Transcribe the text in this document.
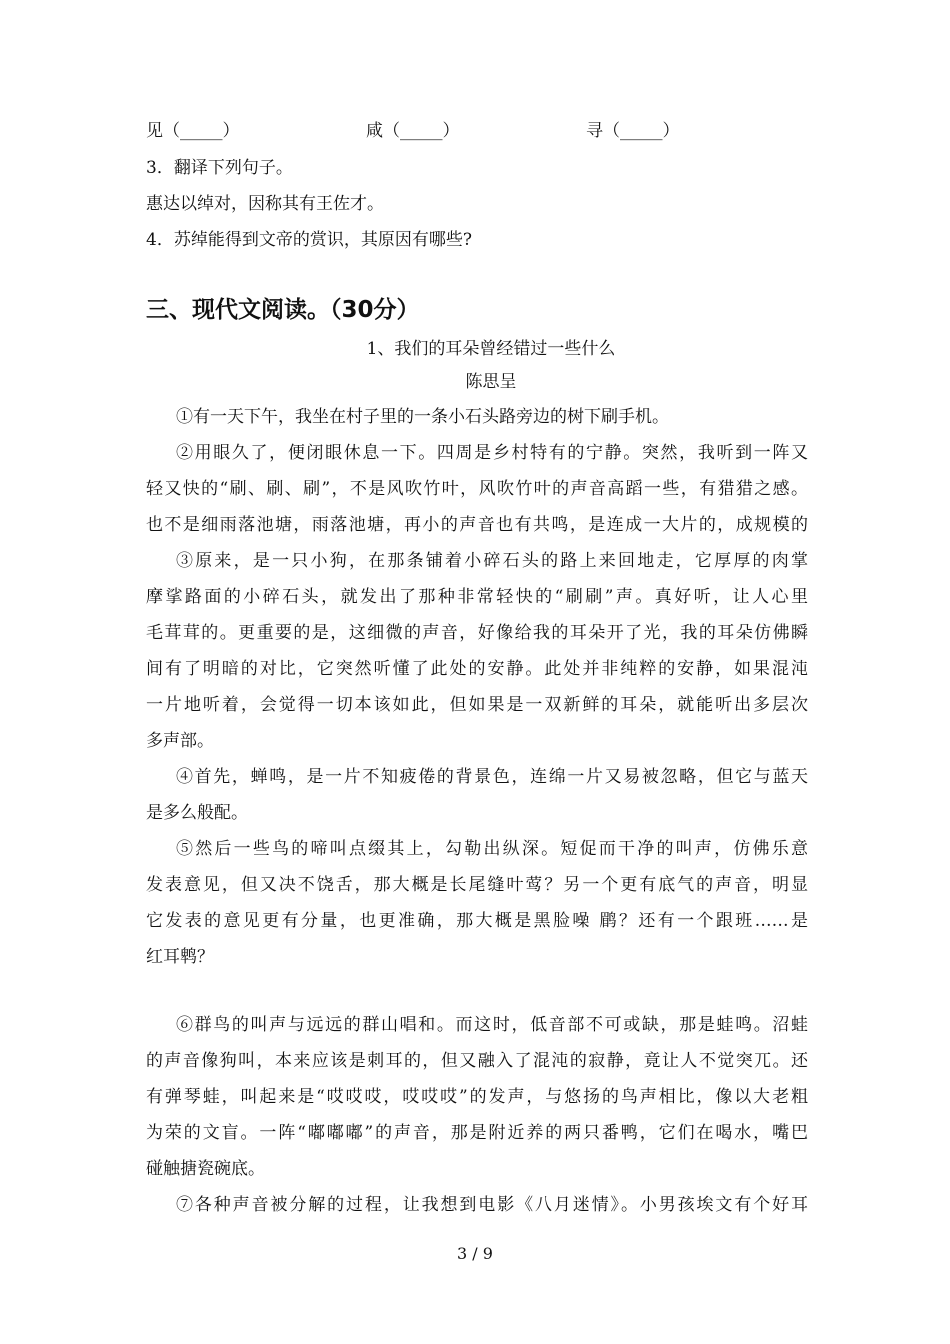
见（_____）	咸（_____）	寻（_____）
3．翻译下列句子。
惠达以绰对，因称其有王佐才。
4．苏绰能得到文帝的赏识，其原因有哪些?
三、现代文阅读。（30分）
1、我们的耳朵曾经错过一些什么
陈思呈
①有一天下午，我坐在村子里的一条小石头路旁边的树下刷手机。
②用眼久了，便闭眼休息一下。四周是乡村特有的宁静。突然，我听到一阵又
轻又快的“刷、刷、刷”，不是风吹竹叶，风吹竹叶的声音高蹈一些，有猎猎之感。
也不是细雨落池塘，雨落池塘，再小的声音也有共鸣，是连成一大片的，成规模的
③原来，是一只小狗，在那条铺着小碎石头的路上来回地走，它厚厚的肉掌
摩挲路面的小碎石头，就发出了那种非常轻快的“刷刷”声。真好听，让人心里
毛茸茸的。更重要的是，这细微的声音，好像给我的耳朵开了光，我的耳朵仿佛瞬
间有了明暗的对比，它突然听懂了此处的安静。此处并非纯粹的安静，如果混沌
一片地听着，会觉得一切本该如此，但如果是一双新鲜的耳朵，就能听出多层次
多声部。
④首先，蝉鸣，是一片不知疲倦的背景色，连绵一片又易被忽略，但它与蓝天
是多么般配。
⑤然后一些鸟的啼叫点缀其上，勾勒出纵深。短促而干净的叫声，仿佛乐意
发表意见，但又决不饶舌，那大概是长尾缝叶莺？另一个更有底气的声音，明显
它发表的意见更有分量，也更准确，那大概是黑脸噪 鹛？还有一个跟班……是
红耳鹎？
⑥群鸟的叫声与远远的群山唱和。而这时，低音部不可或缺，那是蛙鸣。沼蛙
的声音像狗叫，本来应该是刺耳的，但又融入了混沌的寂静，竟让人不觉突兀。还
有弹琴蛙，叫起来是“哎哎哎，哎哎哎”的发声，与悠扬的鸟声相比，像以大老粗
为荣的文盲。一阵“嘟嘟嘟”的声音，那是附近养的两只番鸭，它们在喝水，嘴巴
碰触搪瓷碗底。
⑦各种声音被分解的过程，让我想到电影《八月迷情》。小男孩埃文有个好耳
3 / 9
